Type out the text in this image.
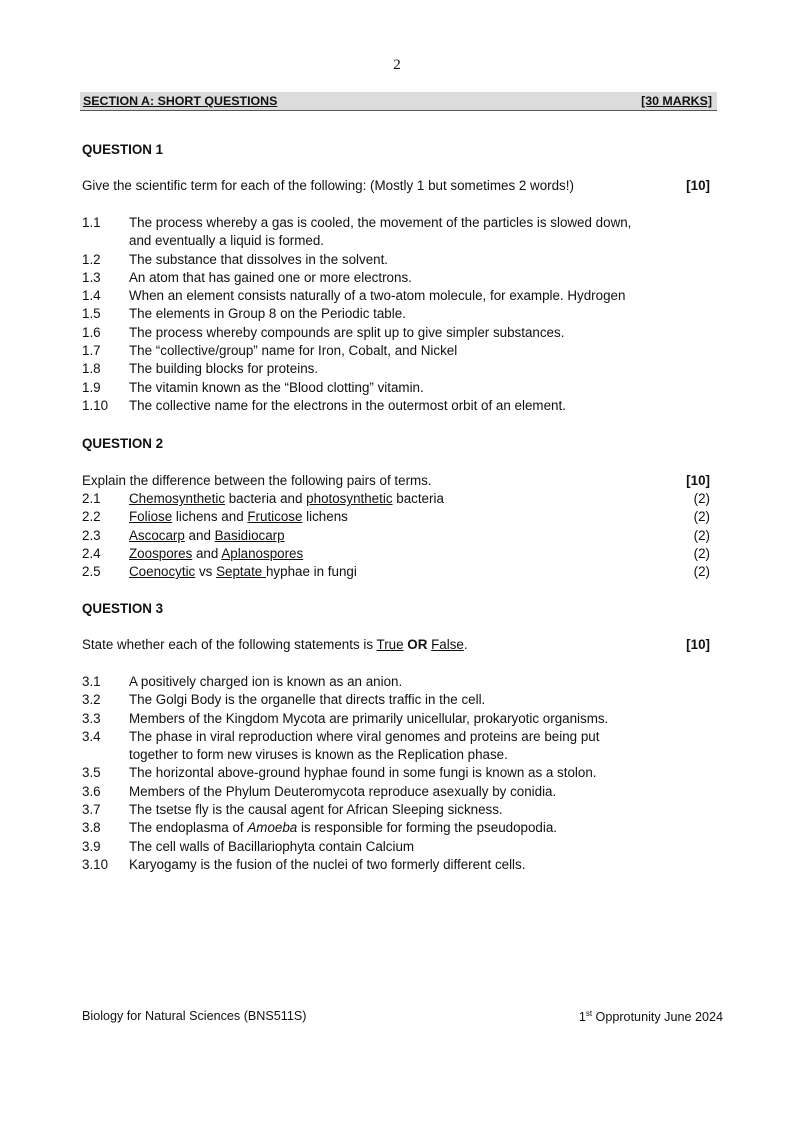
2
SECTION A: SHORT QUESTIONS	[30 MARKS]
QUESTION 1
Give the scientific term for each of the following: (Mostly 1 but sometimes 2 words!)	[10]
1.1	The process whereby a gas is cooled, the movement of the particles is slowed down,
and eventually a liquid is formed.
1.2	The substance that dissolves in the solvent.
1.3	An atom that has gained one or more electrons.
1.4	When an element consists naturally of a two-atom molecule, for example. Hydrogen
1.5	The elements in Group 8 on the Periodic table.
1.6	The process whereby compounds are split up to give simpler substances.
1.7	The “collective/group” name for Iron, Cobalt, and Nickel
1.8	The building blocks for proteins.
1.9	The vitamin known as the “Blood clotting” vitamin.
1.10	The collective name for the electrons in the outermost orbit of an element.
QUESTION 2
Explain the difference between the following pairs of terms.	[10]
2.1	Chemosynthetic bacteria and photosynthetic bacteria	(2)
2.2	Foliose lichens and Fruticose lichens	(2)
2.3	Ascocarp and Basidiocarp	(2)
2.4	Zoospores and Aplanospores	(2)
2.5	Coenocytic vs Septate hyphae in fungi	(2)
QUESTION 3
State whether each of the following statements is True OR False.	[10]
3.1	A positively charged ion is known as an anion.
3.2	The Golgi Body is the organelle that directs traffic in the cell.
3.3	Members of the Kingdom Mycota are primarily unicellular, prokaryotic organisms.
3.4	The phase in viral reproduction where viral genomes and proteins are being put
together to form new viruses is known as the Replication phase.
3.5	The horizontal above-ground hyphae found in some fungi is known as a stolon.
3.6	Members of the Phylum Deuteromycota reproduce asexually by conidia.
3.7	The tsetse fly is the causal agent for African Sleeping sickness.
3.8	The endoplasma of Amoeba is responsible for forming the pseudopodia.
3.9	The cell walls of Bacillariophyta contain Calcium
3.10	Karyogamy is the fusion of the nuclei of two formerly different cells.
Biology for Natural Sciences (BNS511S)	1st Opprotunity June 2024
